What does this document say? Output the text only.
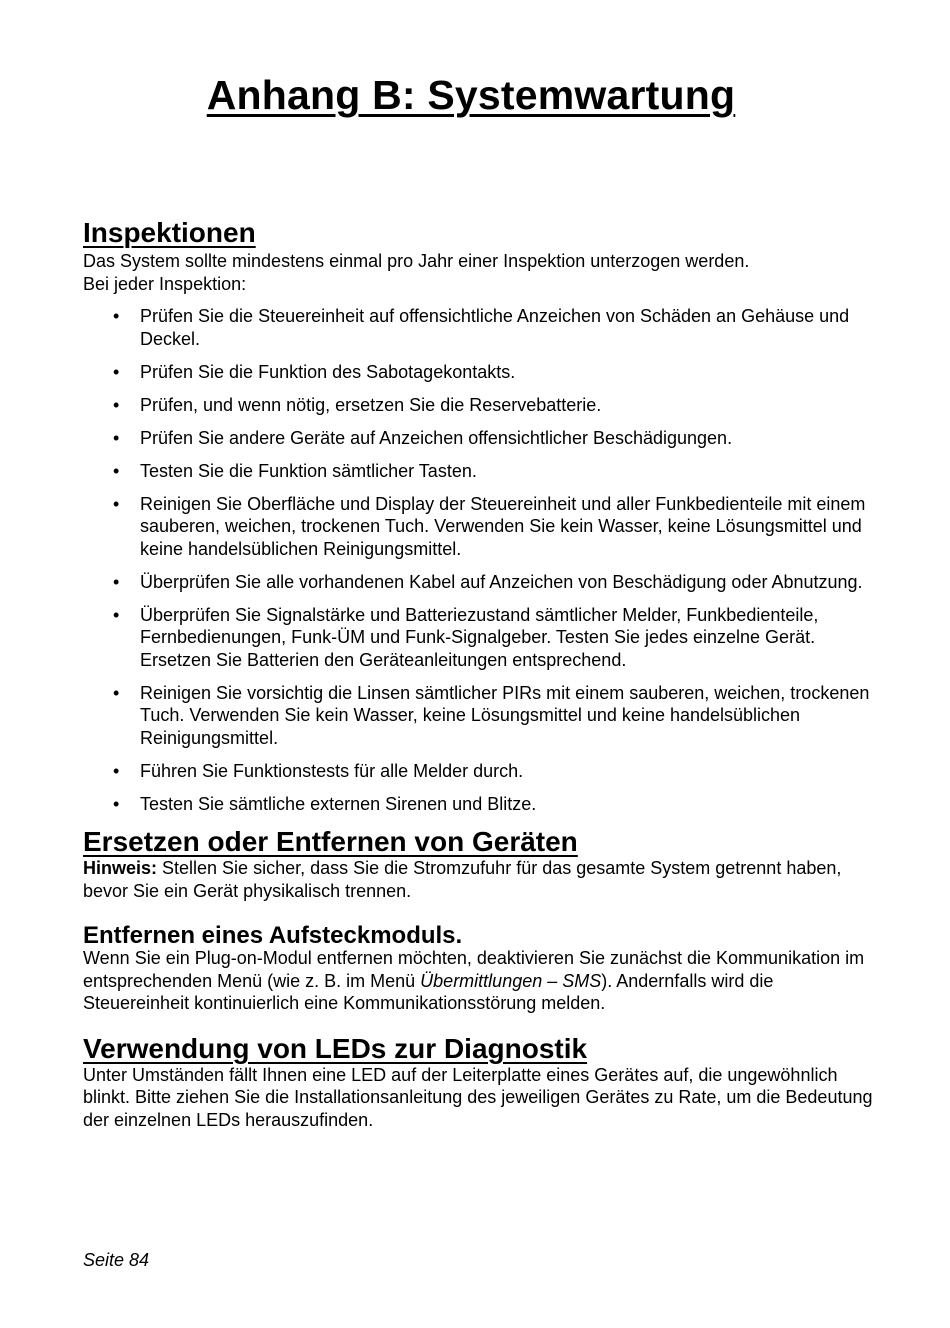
Anhang B: Systemwartung
Inspektionen

Das System sollte mindestens einmal pro Jahr einer Inspektion unterzogen werden.

Bei jeder Inspektion:

• Prüfen Sie die Steuereinheit auf offensichtliche Anzeichen von Schäden an Gehäuse und Deckel.
• Prüfen Sie die Funktion des Sabotagekontakts.
• Prüfen, und wenn nötig, ersetzen Sie die Reservebatterie.
• Prüfen Sie andere Geräte auf Anzeichen offensichtlicher Beschädigungen.
• Testen Sie die Funktion sämtlicher Tasten.
• Reinigen Sie Oberfläche und Display der Steuereinheit und aller Funkbedienteile mit einem sauberen, weichen, trockenen Tuch. Verwenden Sie kein Wasser, keine Lösungsmittel und keine handelsüblichen Reinigungsmittel.
• Überprüfen Sie alle vorhandenen Kabel auf Anzeichen von Beschädigung oder Abnutzung.
• Überprüfen Sie Signalstärke und Batteriezustand sämtlicher Melder, Funkbedienteile, Fernbedienungen, Funk-ÜM und Funk-Signalgeber. Testen Sie jedes einzelne Gerät. Ersetzen Sie Batterien den Geräteanleitungen entsprechend.
• Reinigen Sie vorsichtig die Linsen sämtlicher PIRs mit einem sauberen, weichen, trockenen Tuch. Verwenden Sie kein Wasser, keine Lösungsmittel und keine handelsüblichen Reinigungsmittel.
• Führen Sie Funktionstests für alle Melder durch.
• Testen Sie sämtliche externen Sirenen und Blitze.
Ersetzen oder Entfernen von Geräten

Hinweis: Stellen Sie sicher, dass Sie die Stromzufuhr für das gesamte System getrennt haben, bevor Sie ein Gerät physikalisch trennen.

Entfernen eines Aufsteckmoduls.

Wenn Sie ein Plug-on-Modul entfernen möchten, deaktivieren Sie zunächst die Kommunikation im entsprechenden Menü (wie z. B. im Menü Übermittlungen – SMS). Andernfalls wird die Steuereinheit kontinuierlich eine Kommunikationsstörung melden.

Verwendung von LEDs zur Diagnostik

Unter Umständen fällt Ihnen eine LED auf der Leiterplatte eines Gerätes auf, die ungewöhnlich blinkt. Bitte ziehen Sie die Installationsanleitung des jeweiligen Gerätes zu Rate, um die Bedeutung der einzelnen LEDs herauszufinden.

Seite 84
